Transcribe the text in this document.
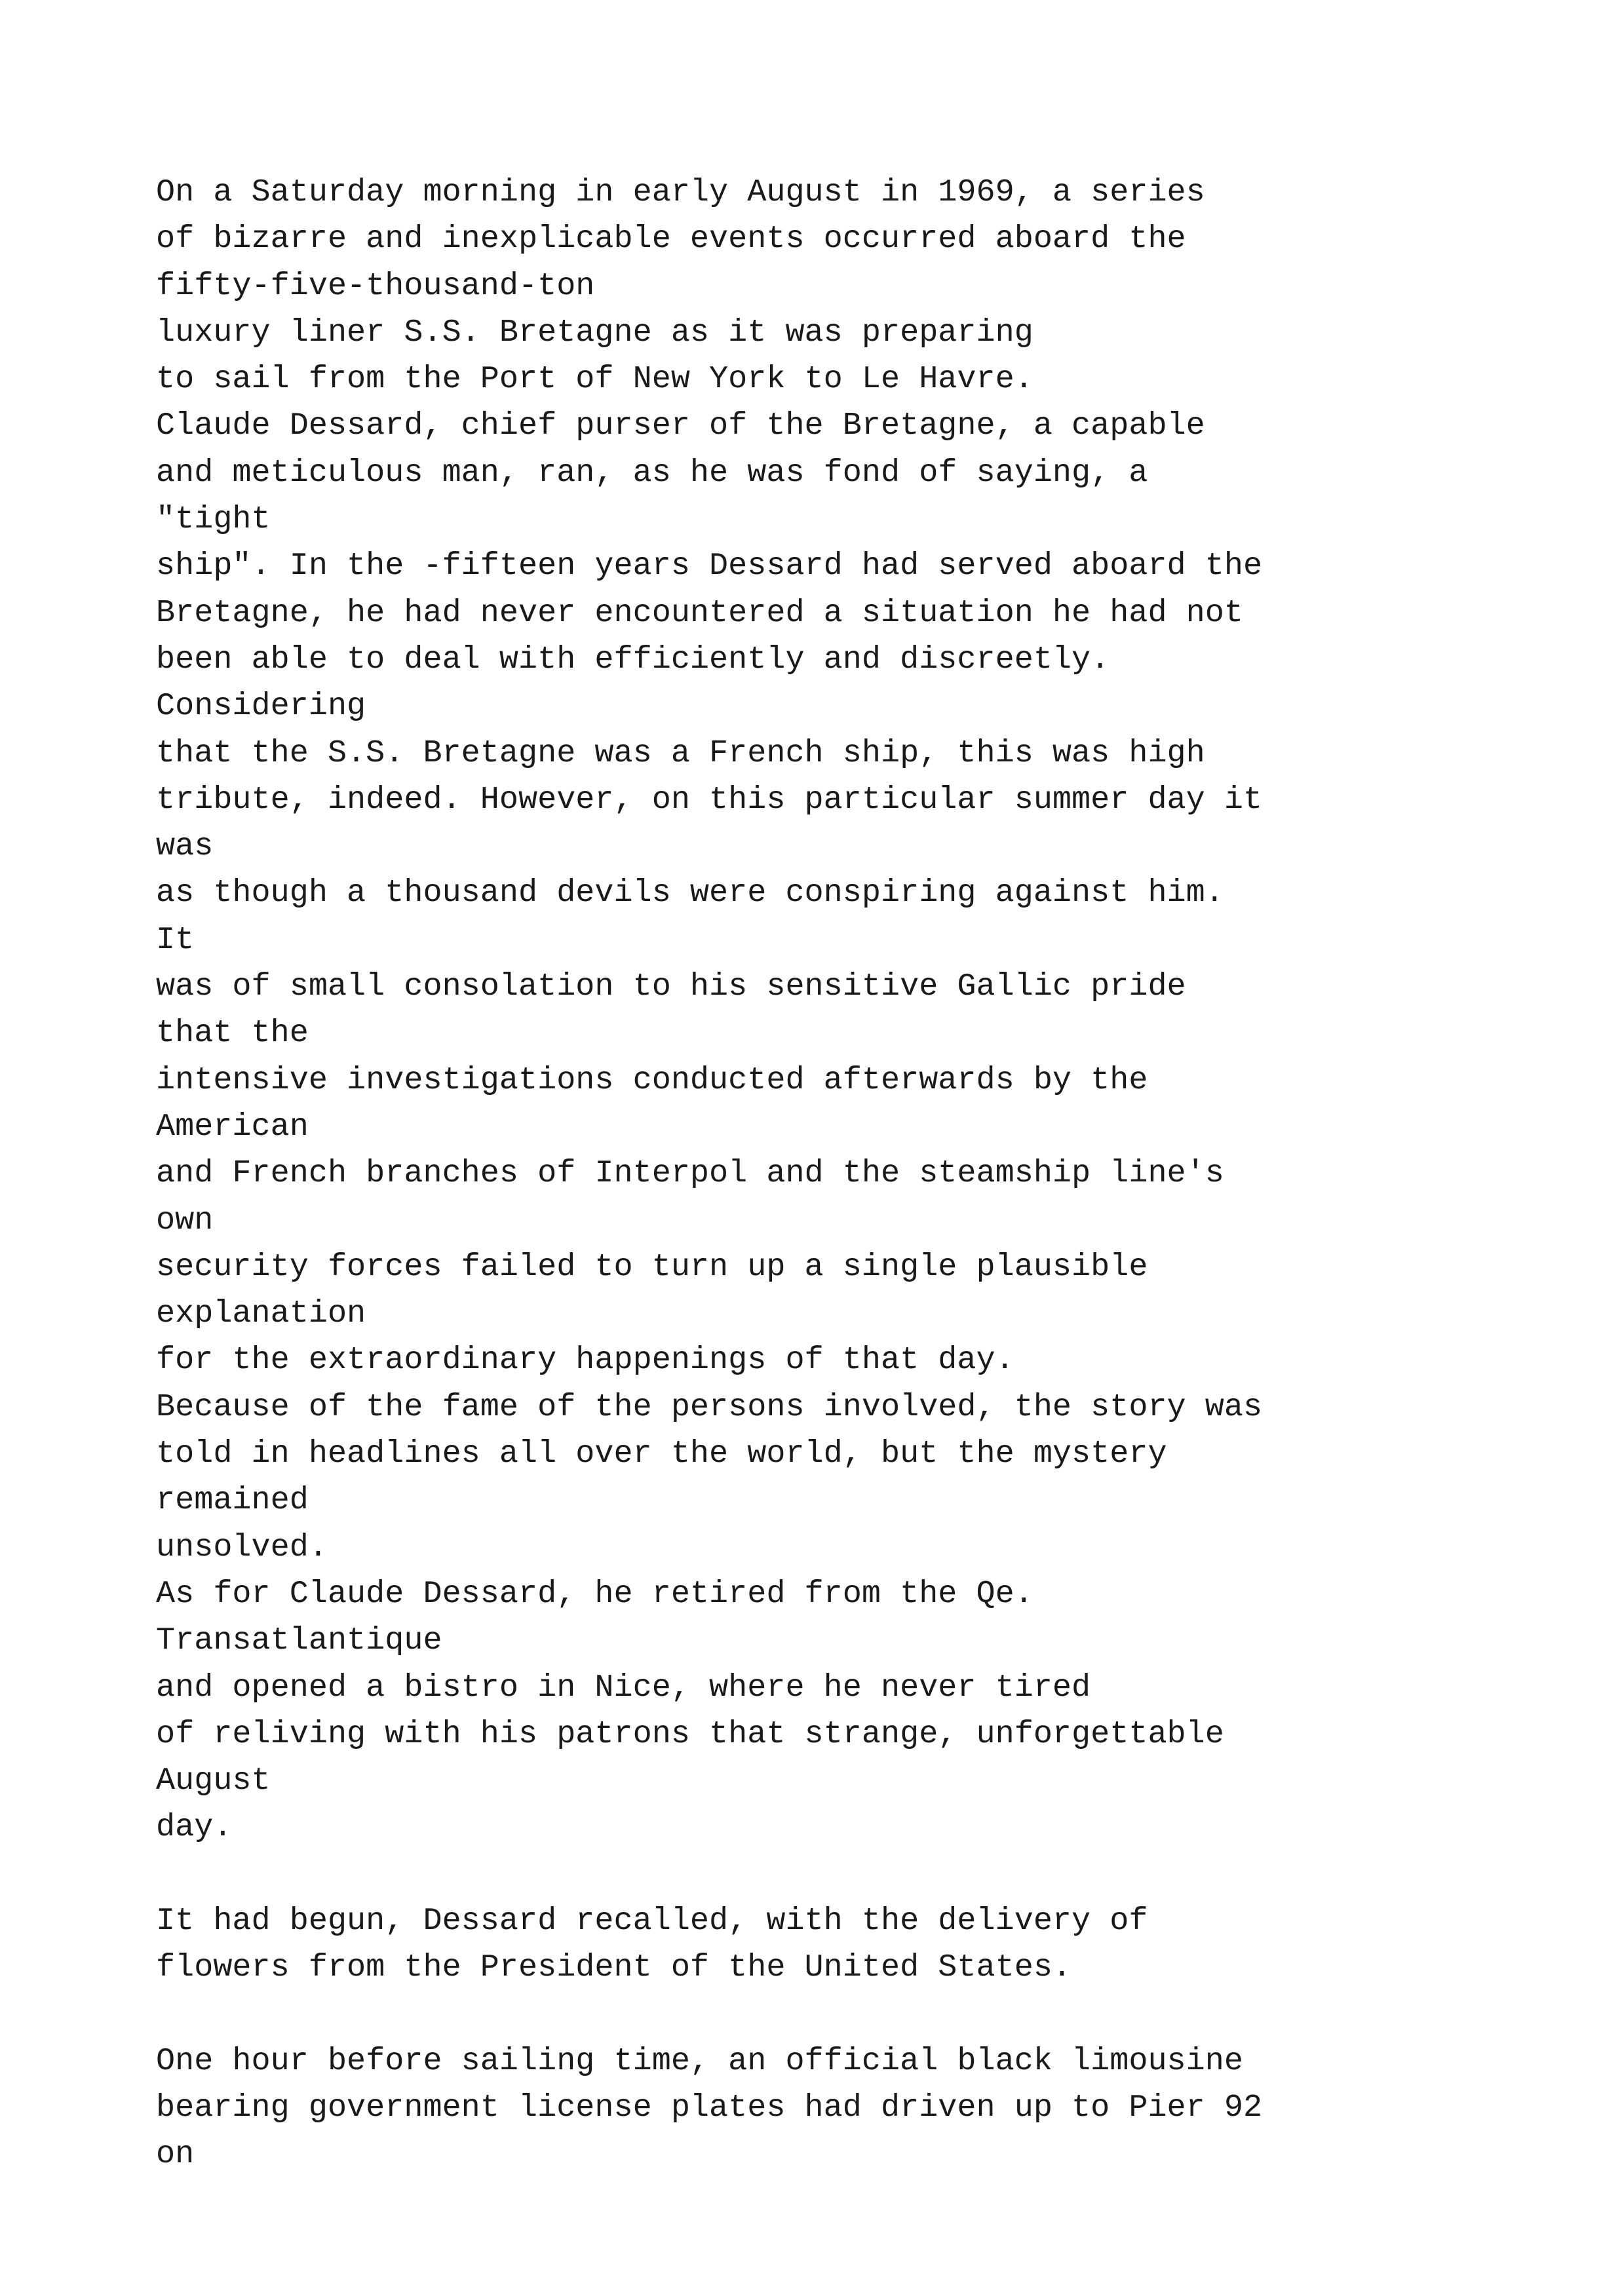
On a Saturday morning in early August in 1969, a series
of bizarre and inexplicable events occurred aboard the
fifty-five-thousand-ton
luxury liner S.S. Bretagne as it was preparing
to sail from the Port of New York to Le Havre.
Claude Dessard, chief purser of the Bretagne, a capable
and meticulous man, ran, as he was fond of saying, a
"tight
ship". In the -fifteen years Dessard had served aboard the
Bretagne, he had never encountered a situation he had not
been able to deal with efficiently and discreetly.
Considering
that the S.S. Bretagne was a French ship, this was high
tribute, indeed. However, on this particular summer day it
was
as though a thousand devils were conspiring against him.
It
was of small consolation to his sensitive Gallic pride
that the
intensive investigations conducted afterwards by the
American
and French branches of Interpol and the steamship line's
own
security forces failed to turn up a single plausible
explanation
for the extraordinary happenings of that day.
Because of the fame of the persons involved, the story was
told in headlines all over the world, but the mystery
remained
unsolved.
As for Claude Dessard, he retired from the Qe.
Transatlantique
and opened a bistro in Nice, where he never tired
of reliving with his patrons that strange, unforgettable
August
day.
It had begun, Dessard recalled, with the delivery of
flowers from the President of the United States.
One hour before sailing time, an official black limousine
bearing government license plates had driven up to Pier 92
on
